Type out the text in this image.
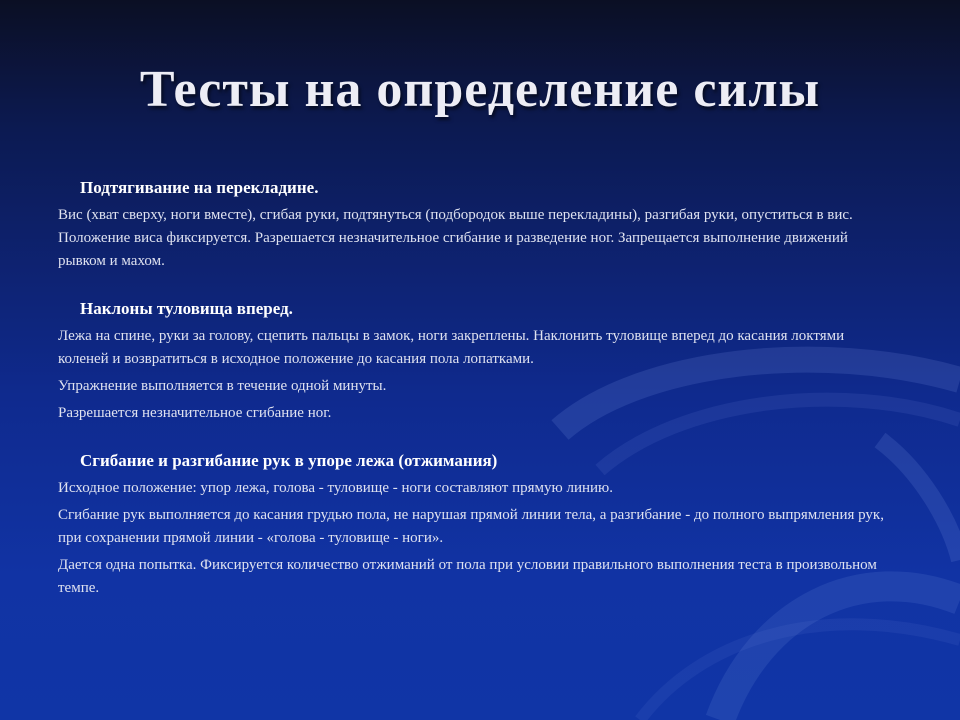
Тесты на определение силы
Подтягивание на перекладине.

Вис (хват сверху, ноги вместе), сгибая руки, подтянуться (подбородок выше перекладины), разгибая руки, опуститься в вис. Положение виса фиксируется. Разрешается незначительное сгибание и разведение ног. Запрещается выполнение движений рывком и махом.

Наклоны туловища вперед.

Лежа на спине, руки за голову, сцепить пальцы в замок, ноги закреплены. Наклонить туловище вперед до касания локтями коленей и возвратиться в исходное положение до касания пола лопатками.

Упражнение выполняется в течение одной минуты.

Разрешается незначительное сгибание ног.

Сгибание и разгибание рук в упоре лежа (отжимания)

Исходное положение: упор лежа, голова - туловище - ноги составляют прямую линию.

Сгибание рук выполняется до касания грудью пола, не нарушая прямой линии тела, а разгибание - до полного выпрямления рук, при сохранении прямой линии - «голова - туловище - ноги».

Дается одна попытка. Фиксируется количество отжиманий от пола при условии правильного выполнения теста в произвольном темпе.
